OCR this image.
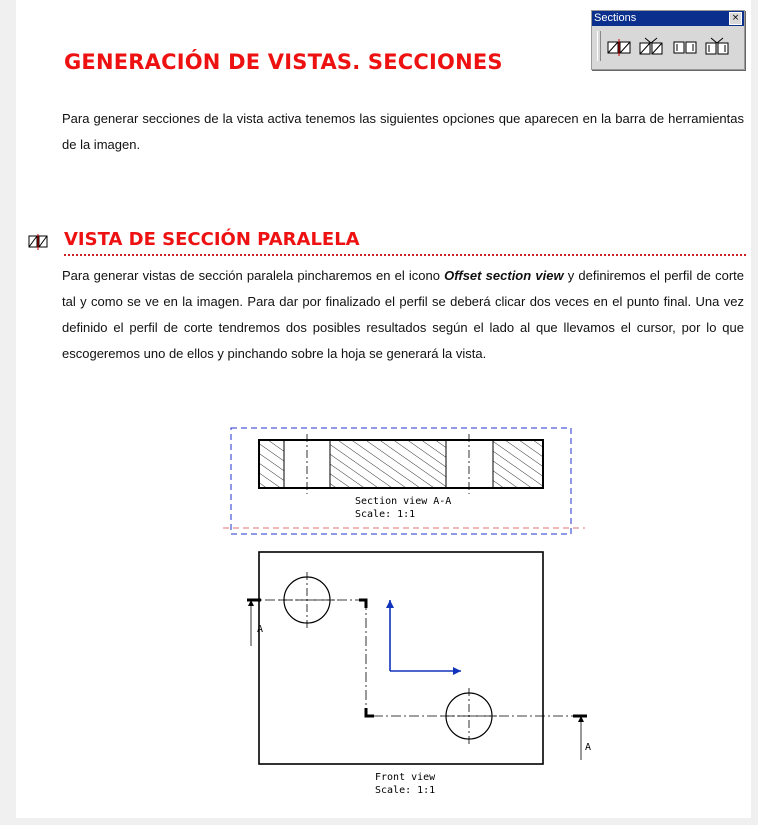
GENERACIÓN DE VISTAS. SECCIONES
Sections	×

Para generar secciones de la vista activa tenemos las siguientes opciones que aparecen en la barra de herramientas de la imagen.

VISTA DE SECCIÓN PARALELA

Para generar vistas de sección paralela pincharemos en el icono Offset section view y definiremos el perfil de corte tal y como se ve en la imagen. Para dar por finalizado el perfil se deberá clicar dos veces en el punto final. Una vez definido el perfil de corte tendremos dos posibles resultados según el lado al que llevamos el cursor, por lo que escogeremos uno de ellos y pinchando sobre la hoja se generará la vista.

Section view A-A
Scale: 1:1
A
A
Front view
Scale: 1:1
